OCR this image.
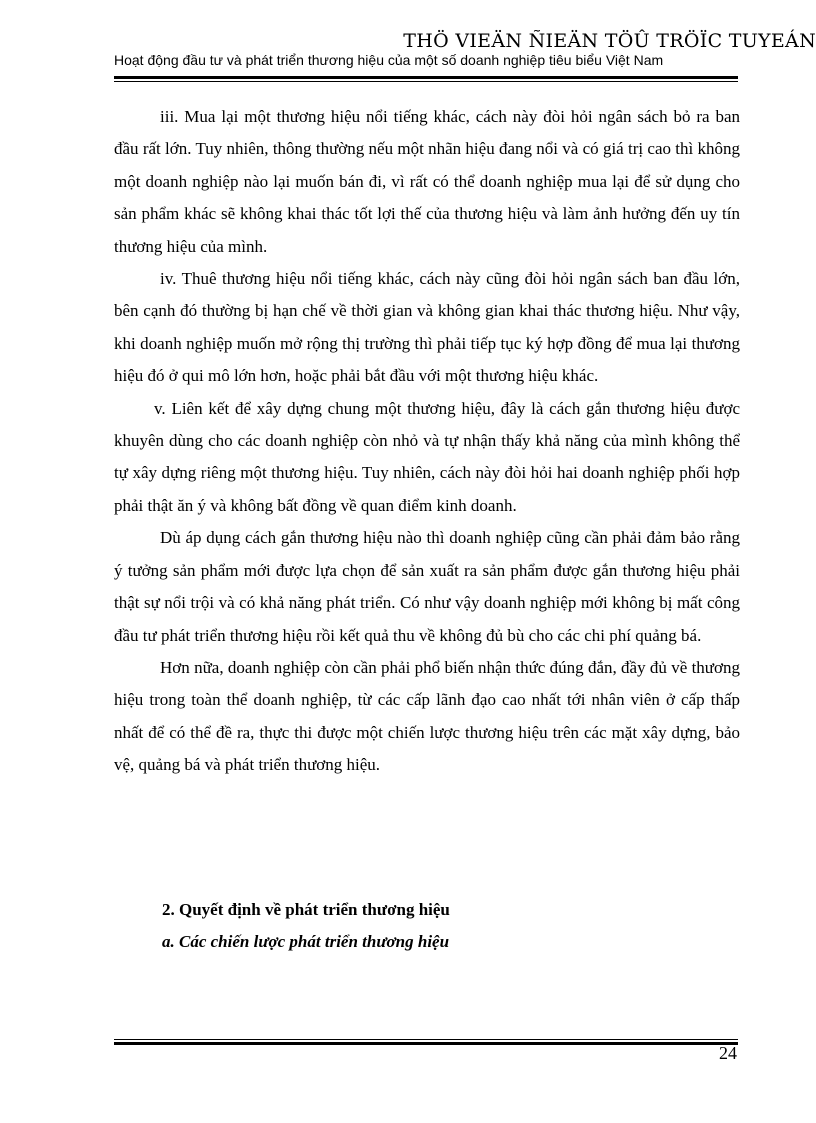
THÖ VIEÄN ÑIEÄN TÖÛ TRÖÏC TUYEÁN
Hoạt động đầu tư và phát triển thương hiệu của một số doanh nghiệp tiêu biểu Việt Nam

iii. Mua lại một thương hiệu nổi tiếng khác, cách này đòi hỏi ngân sách bỏ ra ban đầu rất lớn. Tuy nhiên, thông thường nếu một nhãn hiệu đang nổi và có giá trị cao thì không một doanh nghiệp nào lại muốn bán đi, vì rất có thể doanh nghiệp mua lại để sử dụng cho sản phẩm khác sẽ không khai thác tốt lợi thế của thương hiệu và làm ảnh hưởng đến uy tín thương hiệu của mình.

iv. Thuê thương hiệu nổi tiếng khác, cách này cũng đòi hỏi ngân sách ban đầu lớn, bên cạnh đó thường bị hạn chế về thời gian và không gian khai thác thương hiệu. Như vậy, khi doanh nghiệp muốn mở rộng thị trường thì phải tiếp tục ký hợp đồng để mua lại thương hiệu đó ở qui mô lớn hơn, hoặc phải bắt đầu với một thương hiệu khác.

v. Liên kết để xây dựng chung một thương hiệu, đây là cách gắn thương hiệu được khuyên dùng cho các doanh nghiệp còn nhỏ và tự nhận thấy khả năng của mình không thể tự xây dựng riêng một thương hiệu. Tuy nhiên, cách này đòi hỏi hai doanh nghiệp phối hợp phải thật ăn ý và không bất đồng về quan điểm kinh doanh.

Dù áp dụng cách gắn thương hiệu nào thì doanh nghiệp cũng cần phải đảm bảo rằng ý tưởng sản phẩm mới được lựa chọn để sản xuất ra sản phẩm được gắn thương hiệu phải thật sự nổi trội và có khả năng phát triển. Có như vậy doanh nghiệp mới không bị mất công đầu tư phát triển thương hiệu rồi kết quả thu về không đủ bù cho các chi phí quảng bá.

Hơn nữa, doanh nghiệp còn cần phải phổ biến nhận thức đúng đắn, đầy đủ về thương hiệu trong toàn thể doanh nghiệp, từ các cấp lãnh đạo cao nhất tới nhân viên ở cấp thấp nhất để có thể đề ra, thực thi được một chiến lược thương hiệu trên các mặt xây dựng, bảo vệ, quảng bá và phát triển thương hiệu.

2. Quyết định về phát triển thương hiệu
a. Các chiến lược phát triển thương hiệu
24
